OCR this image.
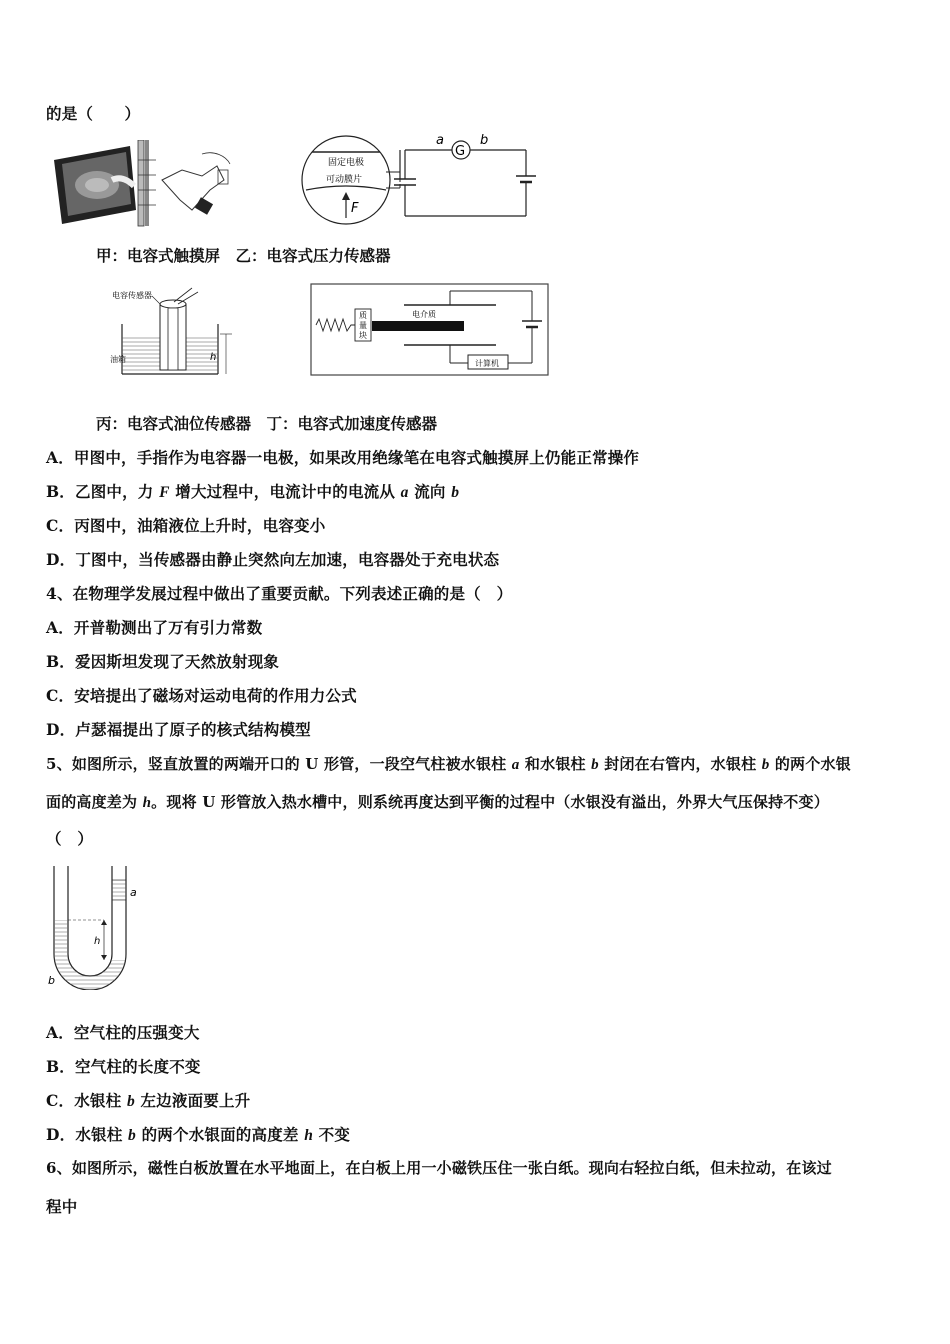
的是（　　）
固定电极
可动膜片
F
G
a	b
甲：电容式触摸屏　乙：电容式压力传感器
电容传感器
油箱	h
质
量
块
电介质
计算机
丙：电容式油位传感器　丁：电容式加速度传感器
A．甲图中，手指作为电容器一电极，如果改用绝缘笔在电容式触摸屏上仍能正常操作
B．乙图中，力 F 增大过程中，电流计中的电流从 a 流向 b
C．丙图中，油箱液位上升时，电容变小
D．丁图中，当传感器由静止突然向左加速，电容器处于充电状态
4、在物理学发展过程中做出了重要贡献。下列表述正确的是（　）
A．开普勒测出了万有引力常数
B．爱因斯坦发现了天然放射现象
C．安培提出了磁场对运动电荷的作用力公式
D．卢瑟福提出了原子的核式结构模型
5、如图所示，竖直放置的两端开口的 U 形管，一段空气柱被水银柱 a 和水银柱 b 封闭在右管内，水银柱 b 的两个水银
面的高度差为 h。现将 U 形管放入热水槽中，则系统再度达到平衡的过程中（水银没有溢出，外界大气压保持不变）
（　）
h
a
b
A．空气柱的压强变大
B．空气柱的长度不变
C．水银柱 b 左边液面要上升
D．水银柱 b 的两个水银面的高度差 h 不变
6、如图所示，磁性白板放置在水平地面上，在白板上用一小磁铁压住一张白纸。现向右轻拉白纸，但未拉动，在该过
程中
